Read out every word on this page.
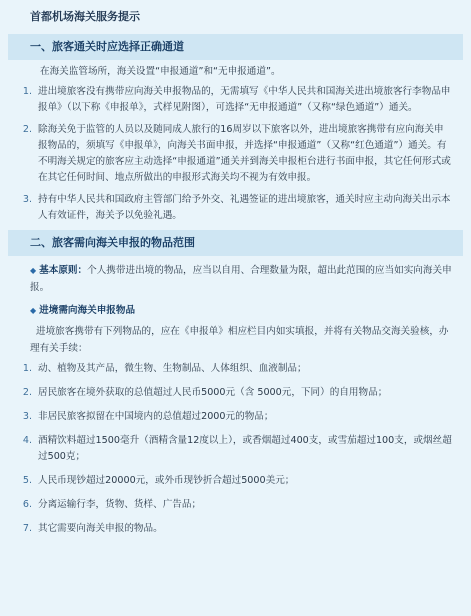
首都机场海关服务提示
一、旅客通关时应选择正确通道
在海关监管场所，海关设置“申报通道”和“无申报通道”。
1. 进出境旅客没有携带应向海关申报物品的，无需填写《中华人民共和国海关进出境旅客行李物品申报单》（以下称《申报单》，式样见附图），可选择“无申报通道”（又称“绿色通道”）通关。
2. 除海关免于监管的人员以及随同成人旅行的16周岁以下旅客以外，进出境旅客携带有应向海关申报物品的，须填写《申报单》，向海关书面申报，并选择“申报通道”（又称“红色通道”）通关。有不明海关规定的旅客应主动选择“申报通道”通关并到海关申报柜台进行书面申报，其它任何形式或在其它任何时间、地点所做出的申报形式海关均不视为有效申报。
3. 持有中华人民共和国政府主管部门给予外交、礼遇签证的进出境旅客，通关时应主动向海关出示本人有效证件，海关予以免验礼遇。
二、旅客需向海关申报的物品范围
◆ 基本原则：个人携带进出境的物品，应当以自用、合理数量为限，超出此范围的应当如实向海关申报。
◆ 进境需向海关申报物品
进境旅客携带有下列物品的，应在《申报单》相应栏目内如实填报，并将有关物品交海关验核，办理有关手续：
1. 动、植物及其产品，微生物、生物制品、人体组织、血液制品；
2. 居民旅客在境外获取的总值超过人民币5000元（含 5000元，下同）的自用物品；
3. 非居民旅客拟留在中国境内的总值超过2000元的物品；
4. 酒精饮料超过1500毫升（酒精含量12度以上），或香烟超过400支，或雪茄超过100支，或烟丝超过500克；
5. 人民币现钞超过20000元，或外币现钞折合超过5000美元；
6. 分离运输行李，货物、货样、广告品；
7. 其它需要向海关申报的物品。
